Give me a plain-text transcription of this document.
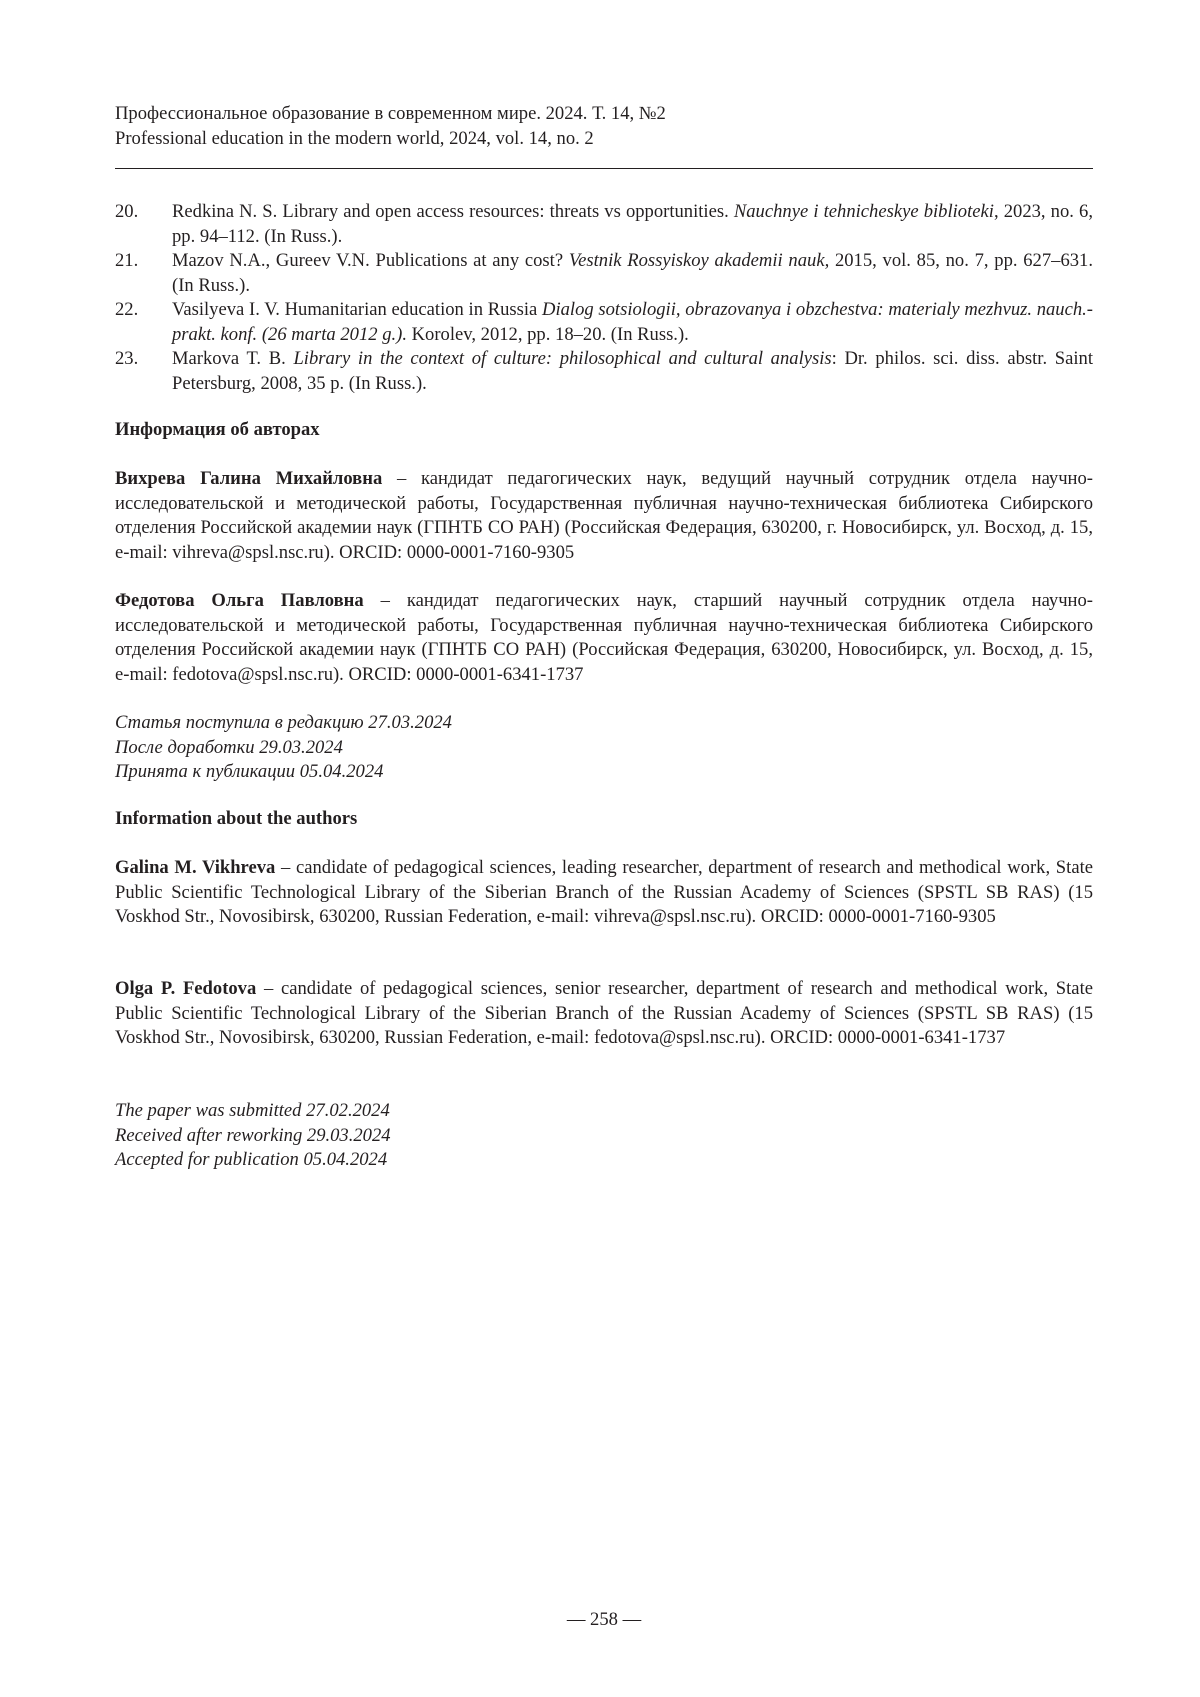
Профессиональное образование в современном мире. 2024. Т. 14, №2
Professional education in the modern world, 2024, vol. 14, no. 2
20. Redkina N. S. Library and open access resources: threats vs opportunities. Nauchnye i tehnicheskye biblioteki, 2023, no. 6, pp. 94–112. (In Russ.).
21. Mazov N.A., Gureev V.N. Publications at any cost? Vestnik Rossyiskoy akademii nauk, 2015, vol. 85, no. 7, pp. 627–631. (In Russ.).
22. Vasilyeva I. V. Humanitarian education in Russia Dialog sotsiologii, obrazovanya i obzchestva: materialy mezhvuz. nauch.-prakt. konf. (26 marta 2012 g.). Korolev, 2012, pp. 18–20. (In Russ.).
23. Markova T. B. Library in the context of culture: philosophical and cultural analysis: Dr. philos. sci. diss. abstr. Saint Petersburg, 2008, 35 p. (In Russ.).
Информация об авторах
Вихрева Галина Михайловна – кандидат педагогических наук, ведущий научный сотрудник отдела научно-исследовательской и методической работы, Государственная публичная научно-техническая библиотека Сибирского отделения Российской академии наук (ГПНТБ СО РАН) (Российская Федерация, 630200, г. Новосибирск, ул. Восход, д. 15, e-mail: vihreva@spsl.nsc.ru). ORCID: 0000-0001-7160-9305
Федотова Ольга Павловна – кандидат педагогических наук, старший научный сотрудник отдела научно-исследовательской и методической работы, Государственная публичная научно-техническая библиотека Сибирского отделения Российской академии наук (ГПНТБ СО РАН) (Российская Федерация, 630200, Новосибирск, ул. Восход, д. 15, e-mail: fedotova@spsl.nsc.ru). ORCID: 0000-0001-6341-1737
Статья поступила в редакцию 27.03.2024
После доработки 29.03.2024
Принята к публикации 05.04.2024
Information about the authors
Galina M. Vikhreva – candidate of pedagogical sciences, leading researcher, department of research and methodical work, State Public Scientific Technological Library of the Siberian Branch of the Russian Academy of Sciences (SPSTL SB RAS) (15 Voskhod Str., Novosibirsk, 630200, Russian Federation, e-mail: vihreva@spsl.nsc.ru). ORCID: 0000-0001-7160-9305
Olga P. Fedotova – candidate of pedagogical sciences, senior researcher, department of research and methodical work, State Public Scientific Technological Library of the Siberian Branch of the Russian Academy of Sciences (SPSTL SB RAS) (15 Voskhod Str., Novosibirsk, 630200, Russian Federation, e-mail: fedotova@spsl.nsc.ru). ORCID: 0000-0001-6341-1737
The paper was submitted 27.02.2024
Received after reworking 29.03.2024
Accepted for publication 05.04.2024
— 258 —
